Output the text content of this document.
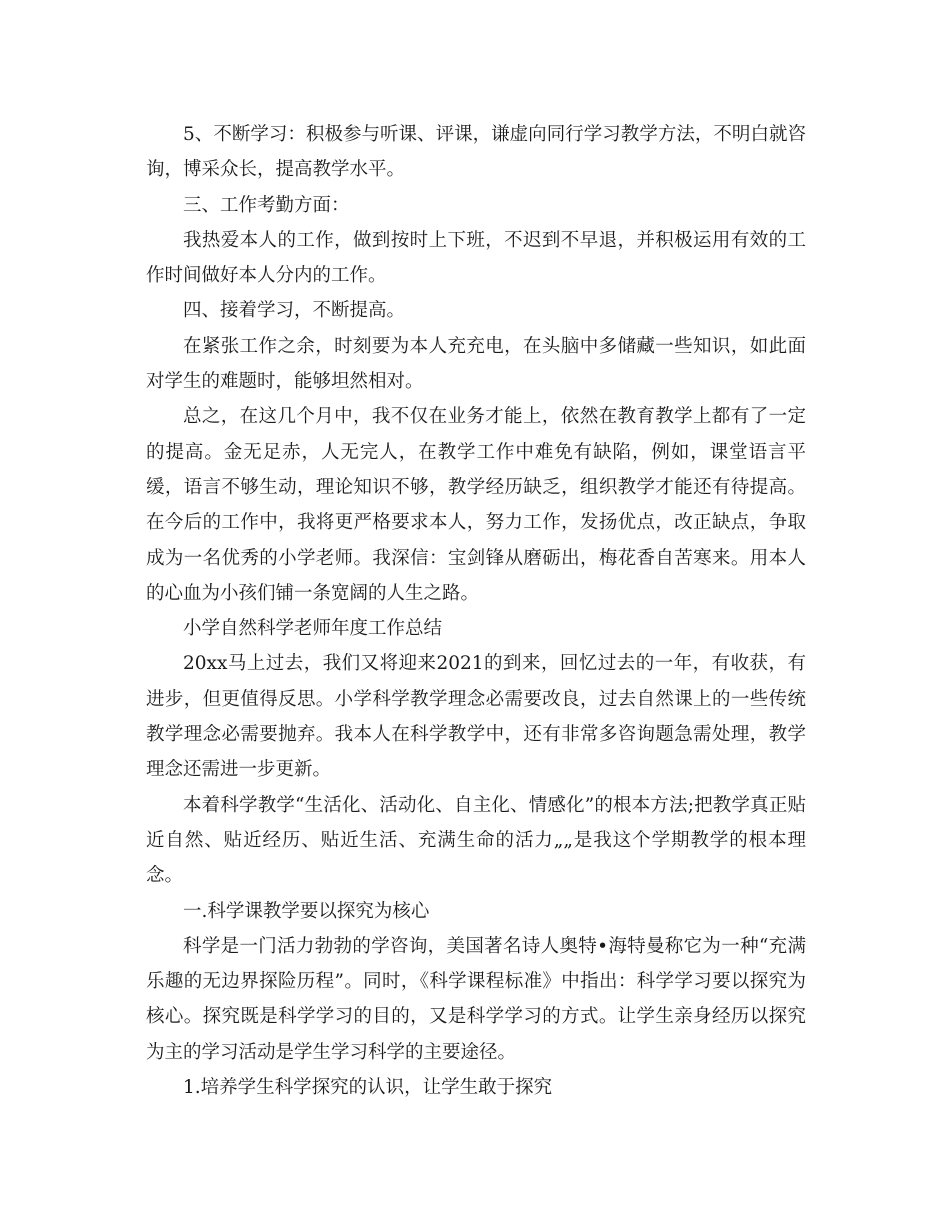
5、不断学习：积极参与听课、评课，谦虚向同行学习教学方法，不明白就咨询，博采众长，提高教学水平。

三、工作考勤方面：

我热爱本人的工作，做到按时上下班，不迟到不早退，并积极运用有效的工作时间做好本人分内的工作。

四、接着学习，不断提高。

在紧张工作之余，时刻要为本人充充电，在头脑中多储藏一些知识，如此面对学生的难题时，能够坦然相对。

总之，在这几个月中，我不仅在业务才能上，依然在教育教学上都有了一定的提高。金无足赤，人无完人，在教学工作中难免有缺陷，例如，课堂语言平缓，语言不够生动，理论知识不够，教学经历缺乏，组织教学才能还有待提高。在今后的工作中，我将更严格要求本人，努力工作，发扬优点，改正缺点，争取成为一名优秀的小学老师。我深信：宝剑锋从磨砺出，梅花香自苦寒来。用本人的心血为小孩们铺一条宽阔的人生之路。

小学自然科学老师年度工作总结

20xx马上过去，我们又将迎来2021的到来，回忆过去的一年，有收获，有进步，但更值得反思。小学科学教学理念必需要改良，过去自然课上的一些传统教学理念必需要抛弃。我本人在科学教学中，还有非常多咨询题急需处理，教学理念还需进一步更新。

本着科学教学“生活化、活动化、自主化、情感化”的根本方法;把教学真正贴近自然、贴近经历、贴近生活、充满生命的活力„„是我这个学期教学的根本理念。

一.科学课教学要以探究为核心

科学是一门活力勃勃的学咨询，美国著名诗人奥特•海特曼称它为一种“充满乐趣的无边界探险历程”。同时，《科学课程标准》中指出：科学学习要以探究为核心。探究既是科学学习的目的，又是科学学习的方式。让学生亲身经历以探究为主的学习活动是学生学习科学的主要途径。

1.培养学生科学探究的认识，让学生敢于探究
